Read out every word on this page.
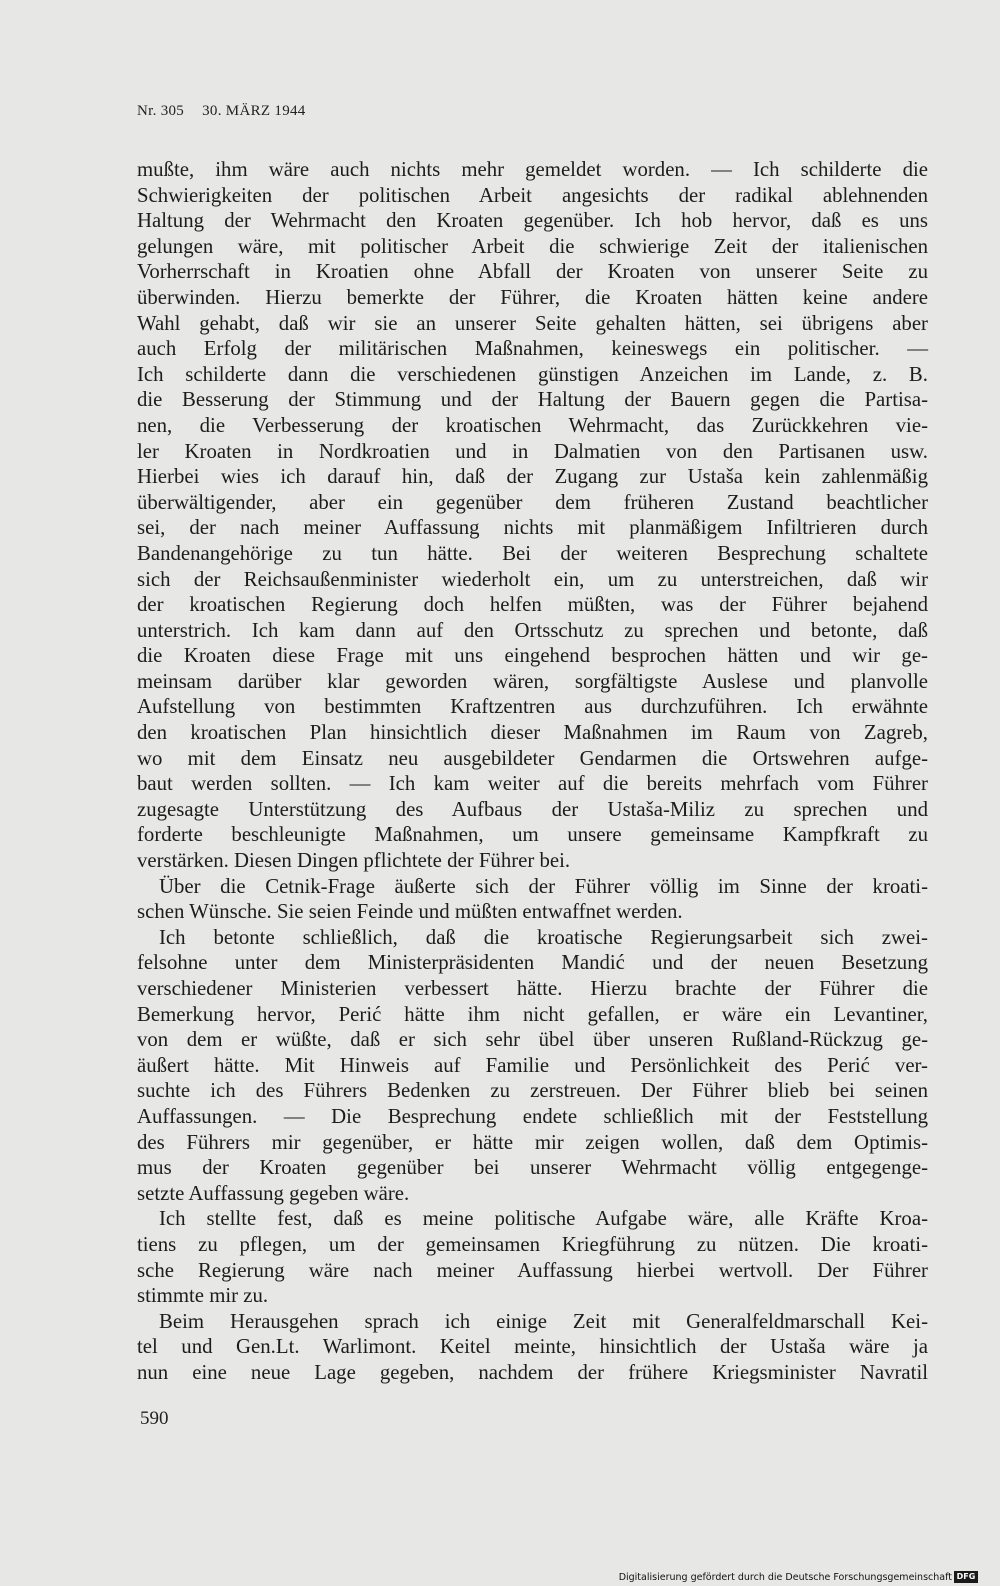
Nr. 305 30. MÄRZ 1944
mußte, ihm wäre auch nichts mehr gemeldet worden. — Ich schilderte die
Schwierigkeiten der politischen Arbeit angesichts der radikal ablehnenden
Haltung der Wehrmacht den Kroaten gegenüber. Ich hob hervor, daß es uns
gelungen wäre, mit politischer Arbeit die schwierige Zeit der italienischen
Vorherrschaft in Kroatien ohne Abfall der Kroaten von unserer Seite zu
überwinden. Hierzu bemerkte der Führer, die Kroaten hätten keine andere
Wahl gehabt, daß wir sie an unserer Seite gehalten hätten, sei übrigens aber
auch Erfolg der militärischen Maßnahmen, keineswegs ein politischer. —
Ich schilderte dann die verschiedenen günstigen Anzeichen im Lande, z. B.
die Besserung der Stimmung und der Haltung der Bauern gegen die Partisa-
nen, die Verbesserung der kroatischen Wehrmacht, das Zurückkehren vie-
ler Kroaten in Nordkroatien und in Dalmatien von den Partisanen usw.
Hierbei wies ich darauf hin, daß der Zugang zur Ustaša kein zahlenmäßig
überwältigender, aber ein gegenüber dem früheren Zustand beachtlicher
sei, der nach meiner Auffassung nichts mit planmäßigem Infiltrieren durch
Bandenangehörige zu tun hätte. Bei der weiteren Besprechung schaltete
sich der Reichsaußenminister wiederholt ein, um zu unterstreichen, daß wir
der kroatischen Regierung doch helfen müßten, was der Führer bejahend
unterstrich. Ich kam dann auf den Ortsschutz zu sprechen und betonte, daß
die Kroaten diese Frage mit uns eingehend besprochen hätten und wir ge-
meinsam darüber klar geworden wären, sorgfältigste Auslese und planvolle
Aufstellung von bestimmten Kraftzentren aus durchzuführen. Ich erwähnte
den kroatischen Plan hinsichtlich dieser Maßnahmen im Raum von Zagreb,
wo mit dem Einsatz neu ausgebildeter Gendarmen die Ortswehren aufge-
baut werden sollten. — Ich kam weiter auf die bereits mehrfach vom Führer
zugesagte Unterstützung des Aufbaus der Ustaša-Miliz zu sprechen und
forderte beschleunigte Maßnahmen, um unsere gemeinsame Kampfkraft zu
verstärken. Diesen Dingen pflichtete der Führer bei.
Über die Cetnik-Frage äußerte sich der Führer völlig im Sinne der kroati-
schen Wünsche. Sie seien Feinde und müßten entwaffnet werden.
Ich betonte schließlich, daß die kroatische Regierungsarbeit sich zwei-
felsohne unter dem Ministerpräsidenten Mandić und der neuen Besetzung
verschiedener Ministerien verbessert hätte. Hierzu brachte der Führer die
Bemerkung hervor, Perić hätte ihm nicht gefallen, er wäre ein Levantiner,
von dem er wüßte, daß er sich sehr übel über unseren Rußland-Rückzug ge-
äußert hätte. Mit Hinweis auf Familie und Persönlichkeit des Perić ver-
suchte ich des Führers Bedenken zu zerstreuen. Der Führer blieb bei seinen
Auffassungen. — Die Besprechung endete schließlich mit der Feststellung
des Führers mir gegenüber, er hätte mir zeigen wollen, daß dem Optimis-
mus der Kroaten gegenüber bei unserer Wehrmacht völlig entgegenge-
setzte Auffassung gegeben wäre.
Ich stellte fest, daß es meine politische Aufgabe wäre, alle Kräfte Kroa-
tiens zu pflegen, um der gemeinsamen Kriegführung zu nützen. Die kroati-
sche Regierung wäre nach meiner Auffassung hierbei wertvoll. Der Führer
stimmte mir zu.
Beim Herausgehen sprach ich einige Zeit mit Generalfeldmarschall Kei-
tel und Gen.Lt. Warlimont. Keitel meinte, hinsichtlich der Ustaša wäre ja
nun eine neue Lage gegeben, nachdem der frühere Kriegsminister Navratil
590
Digitalisierung gefördert durch die Deutsche Forschungsgemeinschaft DFG
